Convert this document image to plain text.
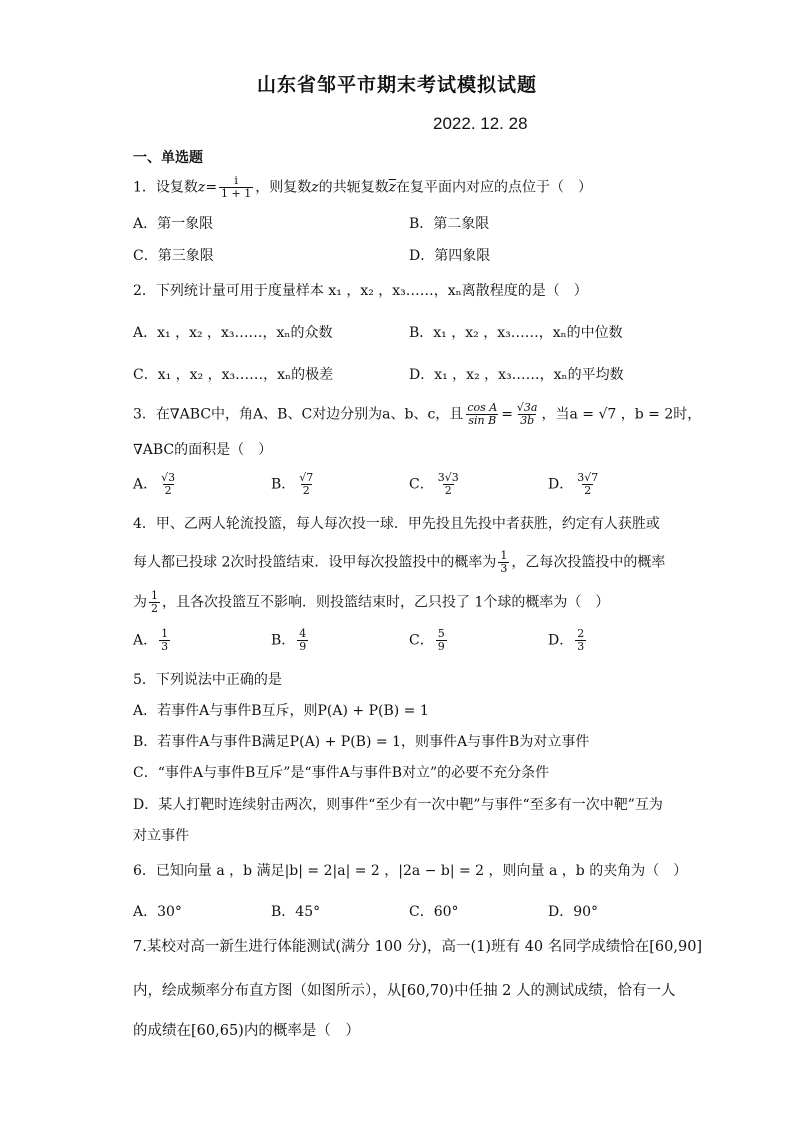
山东省邹平市期末考试模拟试题
2022. 12. 28
一、单选题
1．设复数$z= \frac{i}{1 + 1}$ ，则复数z的共轭复数$\overline{z}$在复平面内对应的点位于（　）
A．第一象限	B．第二象限
C．第三象限	D．第四象限
2．下列统计量可用于度量样本 x₁ ，x₂ ，x₃……，xₙ离散程度的是（　）
A．x₁ ，x₂ ，x₃……，xₙ的众数	B．x₁ ，x₂ ，x₃……，xₙ的中位数
C．x₁ ，x₂ ，x₃……，xₙ的极差	D．x₁ ，x₂ ，x₃……，xₙ的平均数
3．在∇ABC中，角A、B、C对边分别为a、b、c，且 $\frac{\text{cos A}}{\text{sin B}} = \frac{√3a}{3b}$ ，当a = √7 ，b = 2时，
∇ABC的面积是（　）
A． $\frac{√3}{2}$	B． $\frac{√7}{2}$	C． $\frac{3√3}{2}$	D． $\frac{3√7}{2}$
4．甲、乙两人轮流投篮，每人每次投一球．甲先投且先投中者获胜，约定有人获胜或
每人都已投球 2次时投篮结束．设甲每次投篮投中的概率为 $\frac{1}{3}$ ，乙每次投篮投中的概率
为 $\frac{1}{2}$ ，且各次投篮互不影响．则投篮结束时，乙只投了 1个球的概率为（　）
A． $\frac{1}{3}$	B． $\frac{4}{9}$	C． $\frac{5}{9}$	D． $\frac{2}{3}$
5．下列说法中正确的是
A．若事件A与事件B互斥，则P(A) + P(B) = 1
B．若事件A与事件B满足P(A) + P(B) = 1，则事件A与事件B为对立事件
C．“事件A与事件B互斥”是“事件A与事件B对立”的必要不充分条件
D．某人打靶时连续射击两次，则事件“至少有一次中靶”与事件“至多有一次中靶”互为
对立事件
6．已知向量 a ，b 满足|b| = 2|a| = 2 ，|2a − b| = 2 ，则向量 a ，b 的夹角为（　）
A．30°	B．45°	C．60°	D．90°
7.某校对高一新生进行体能测试(满分 100 分)，高一(1)班有 40 名同学成绩恰在[60,90]
内，绘成频率分布直方图（如图所示），从[60,70)中任抽 2 人的测试成绩，恰有一人
的成绩在[60,65)内的概率是（　）
